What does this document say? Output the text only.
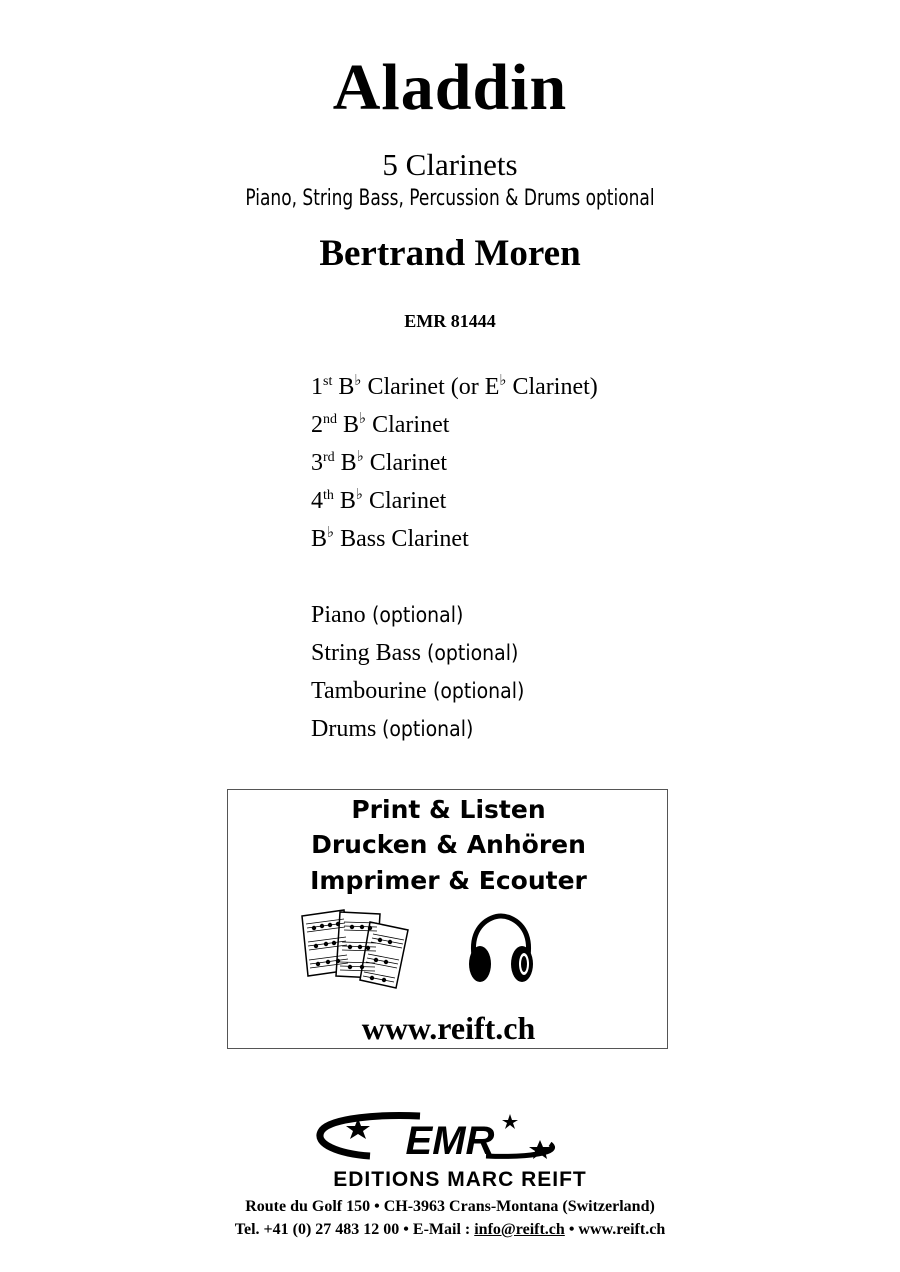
Aladdin
5 Clarinets
Piano, String Bass, Percussion & Drums optional
Bertrand Moren
EMR 81444
1st B♭ Clarinet (or E♭ Clarinet)
2nd B♭ Clarinet
3rd B♭ Clarinet
4th B♭ Clarinet
B♭ Bass Clarinet
Piano (optional)
String Bass (optional)
Tambourine (optional)
Drums (optional)
Print & Listen
Drucken & Anhören
Imprimer & Ecouter
www.reift.ch
EMR
EDITIONS MARC REIFT
Route du Golf 150 • CH-3963 Crans-Montana (Switzerland)
Tel. +41 (0) 27 483 12 00 • E-Mail : info@reift.ch • www.reift.ch
